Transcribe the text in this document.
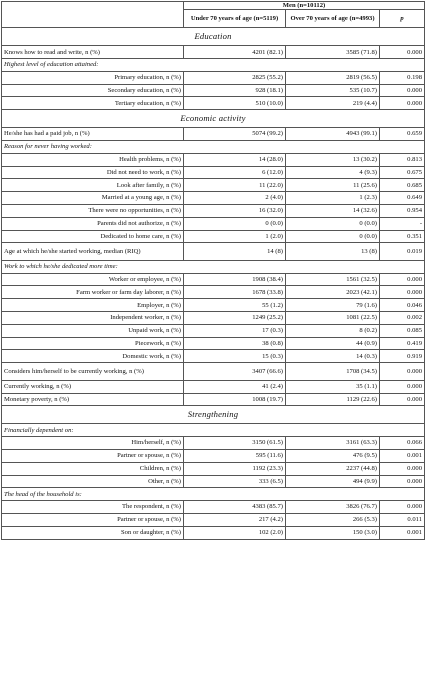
	Men (n=10112)		
	Under 70 years of age (n=5119)	Over 70 years of age (n=4993)	p
Education			
Knows how to read and write, n (%)	4201 (82.1)	3585 (71.8)	0.000
Highest level of education attained:			
Primary education, n (%)	2825 (55.2)	2819 (56.5)	0.198
Secondary education, n (%)	928 (18.1)	535 (10.7)	0.000
Tertiary education, n (%)	510 (10.0)	219 (4.4)	0.000
Economic activity			
He/she has had a paid job, n (%)	5074 (99.2)	4943 (99.1)	0.659
Reason for never having worked:			
Health problems, n (%)	14 (28.0)	13 (30.2)	0.813
Did not need to work, n (%)	6 (12.0)	4 (9.3)	0.675
Look after family, n (%)	11 (22.0)	11 (25.6)	0.685
Married at a young age, n (%)	2 (4.0)	1 (2.3)	0.649
There were no opportunities, n (%)	16 (32.0)	14 (32.6)	0.954
Parents did not authorize, n (%)	0 (0.0)	0 (0.0)	-
Dedicated to home care, n (%)	1 (2.0)	0 (0.0)	0.351
Age at which he/she started working, median (RIQ)	14 (8)	13 (8)	0.019
Work to which he/she dedicated more time:			
Worker or employee, n (%)	1908 (38.4)	1561 (32.5)	0.000
Farm worker or farm day laborer, n (%)	1678 (33.8)	2023 (42.1)	0.000
Employer, n (%)	55 (1.2)	79 (1.6)	0.046
Independent worker, n (%)	1249 (25.2)	1081 (22.5)	0.002
Unpaid work, n (%)	17 (0.3)	8 (0.2)	0.085
Piecework, n (%)	38 (0.8)	44 (0.9)	0.419
Domestic work, n (%)	15 (0.3)	14 (0.3)	0.919
Considers him/herself to be currently working, n (%)	3407 (66.6)	1708 (34.5)	0.000
Currently working, n (%)	41 (2.4)	35 (1.1)	0.000
Monetary poverty, n (%)	1008 (19.7)	1129 (22.6)	0.000
Strengthening			
Financially dependent on:			
Him/herself, n (%)	3150 (61.5)	3161 (63.3)	0.066
Partner or spouse, n (%)	595 (11.6)	476 (9.5)	0.001
Children, n (%)	1192 (23.3)	2237 (44.8)	0.000
Other, n (%)	333 (6.5)	494 (9.9)	0.000
The head of the household is:			
The respondent, n (%)	4383 (85.7)	3826 (76.7)	0.000
Partner or spouse, n (%)	217 (4.2)	266 (5.3)	0.011
Son or daughter, n (%)	102 (2.0)	150 (3.0)	0.001
